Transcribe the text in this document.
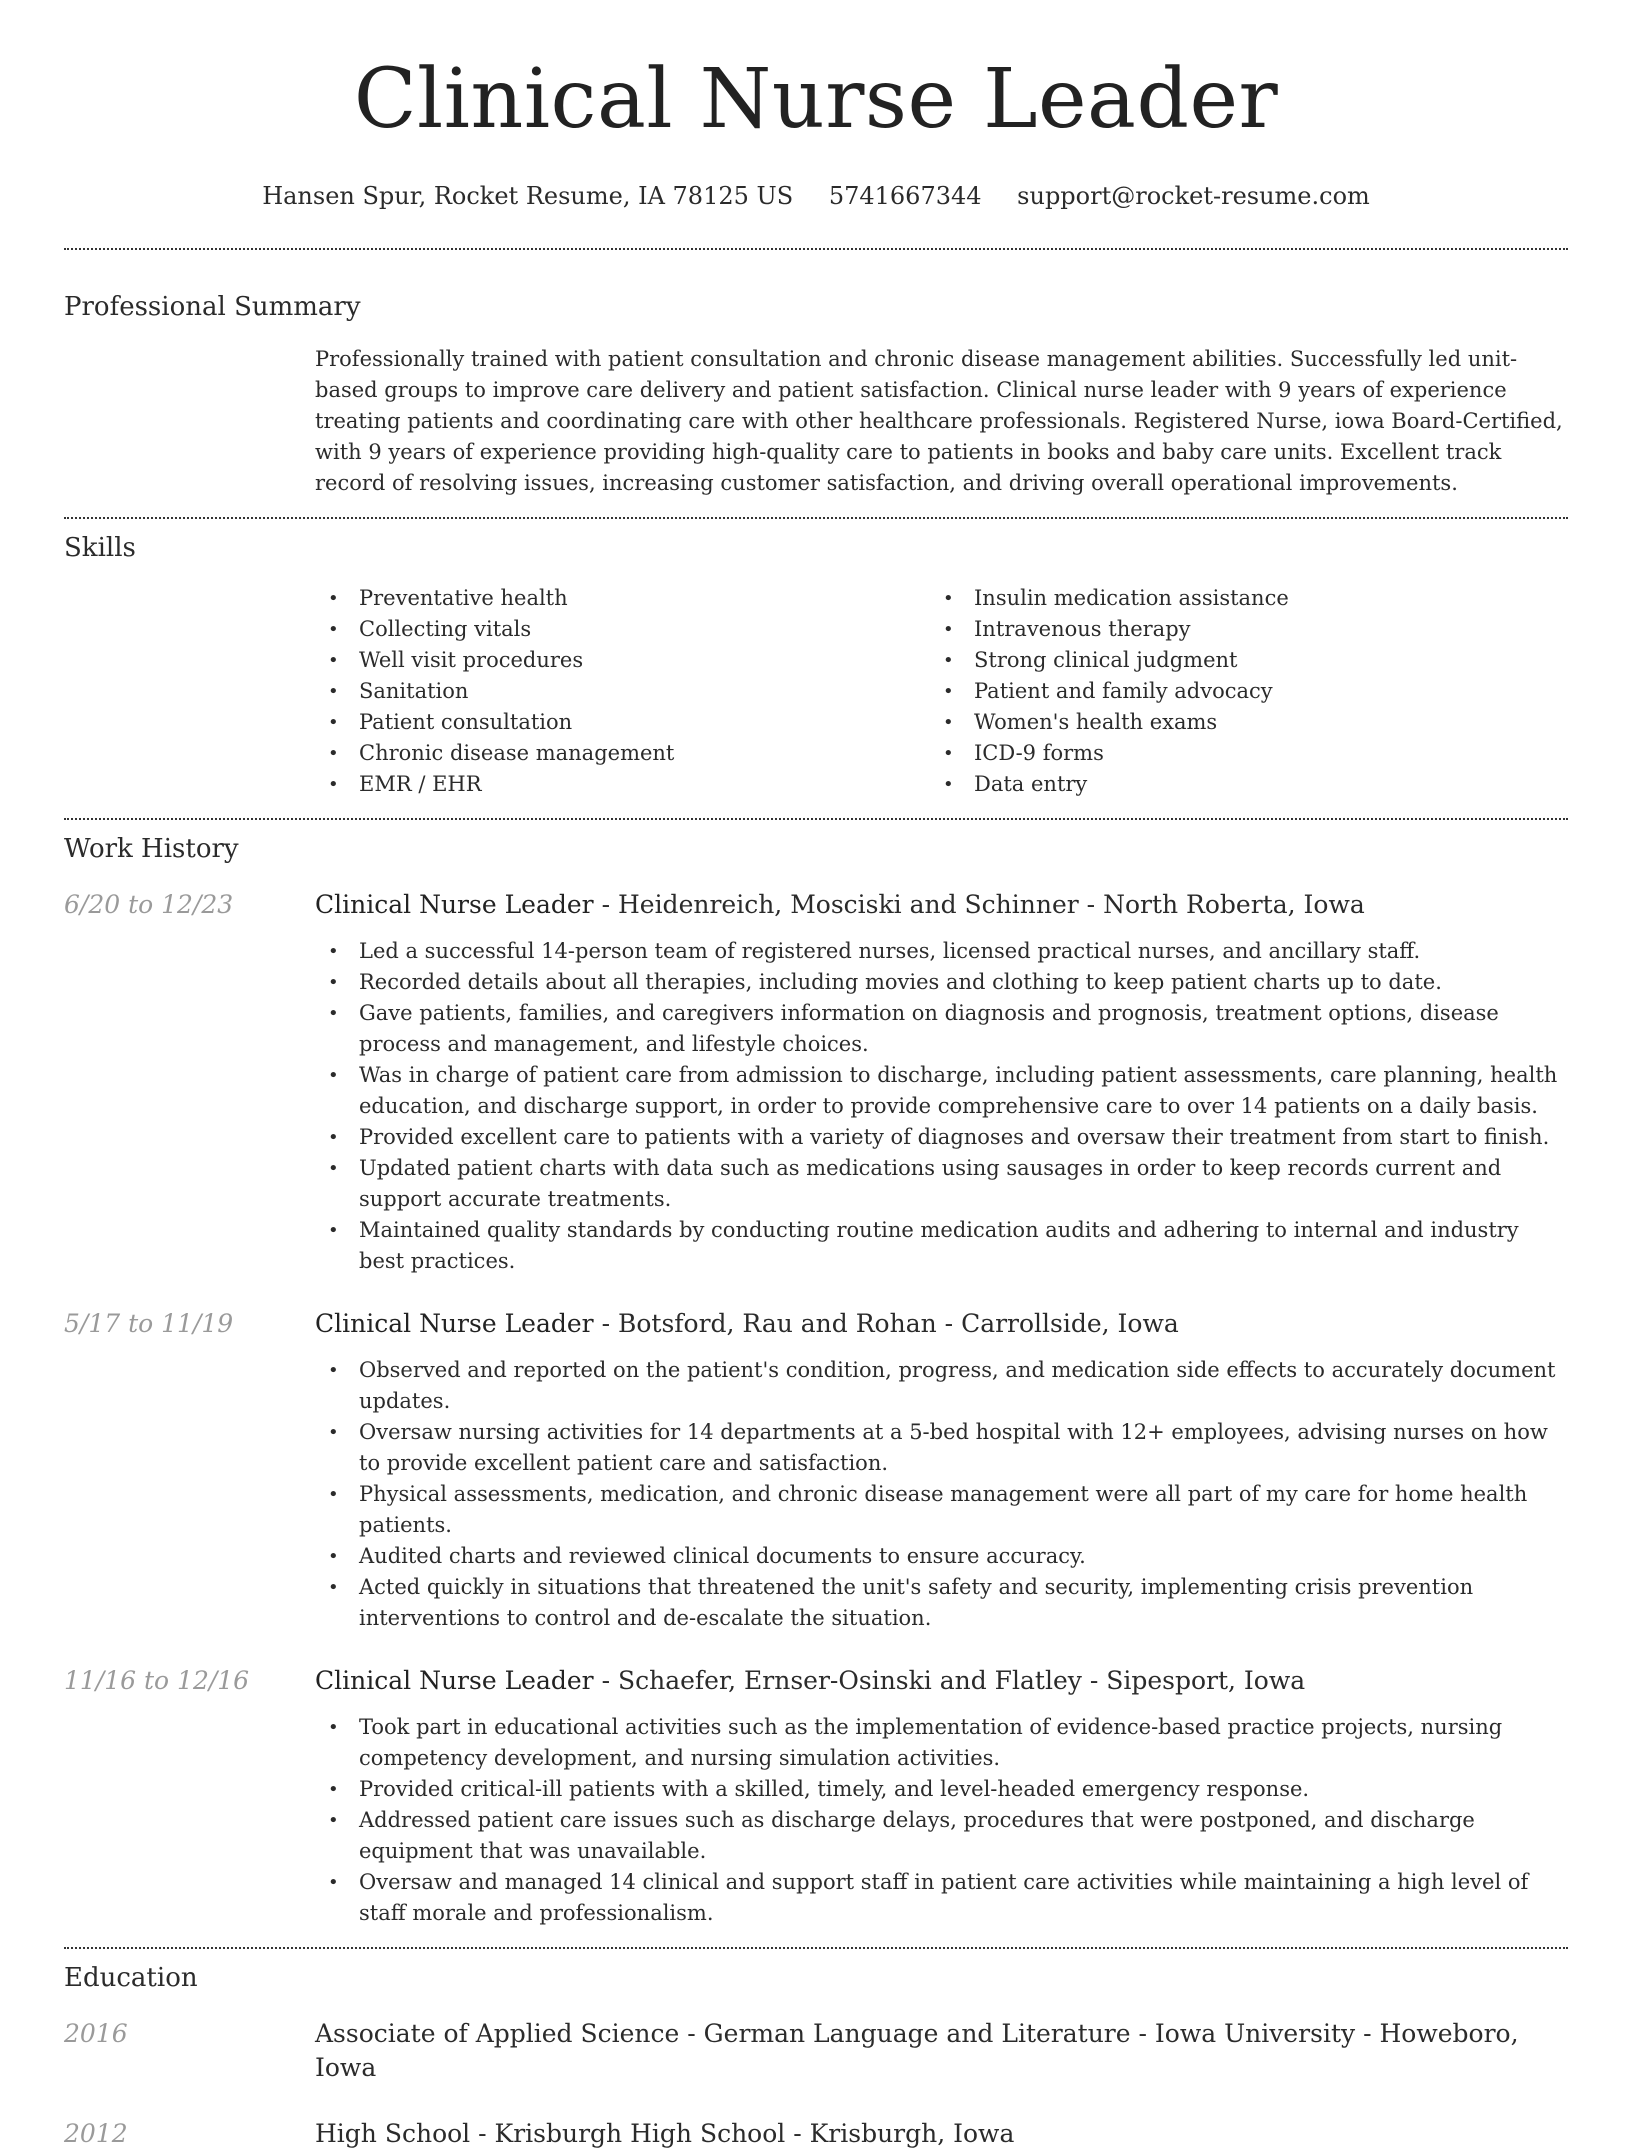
Clinical Nurse Leader
Hansen Spur, Rocket Resume, IA 78125 US 5741667344 support@rocket-resume.com
Professional Summary
Professionally trained with patient consultation and chronic disease management abilities. Successfully led unit-based groups to improve care delivery and patient satisfaction. Clinical nurse leader with 9 years of experience treating patients and coordinating care with other healthcare professionals. Registered Nurse, iowa Board-Certified, with 9 years of experience providing high-quality care to patients in books and baby care units. Excellent track record of resolving issues, increasing customer satisfaction, and driving overall operational improvements.
Skills
• Preventative health
• Collecting vitals
• Well visit procedures
• Sanitation
• Patient consultation
• Chronic disease management
• EMR / EHR
• Insulin medication assistance
• Intravenous therapy
• Strong clinical judgment
• Patient and family advocacy
• Women's health exams
• ICD-9 forms
• Data entry
Work History
6/20 to 12/23	Clinical Nurse Leader - Heidenreich, Mosciski and Schinner - North Roberta, Iowa
• Led a successful 14-person team of registered nurses, licensed practical nurses, and ancillary staff.
• Recorded details about all therapies, including movies and clothing to keep patient charts up to date.
• Gave patients, families, and caregivers information on diagnosis and prognosis, treatment options, disease process and management, and lifestyle choices.
• Was in charge of patient care from admission to discharge, including patient assessments, care planning, health education, and discharge support, in order to provide comprehensive care to over 14 patients on a daily basis.
• Provided excellent care to patients with a variety of diagnoses and oversaw their treatment from start to finish.
• Updated patient charts with data such as medications using sausages in order to keep records current and support accurate treatments.
• Maintained quality standards by conducting routine medication audits and adhering to internal and industry best practices.
5/17 to 11/19	Clinical Nurse Leader - Botsford, Rau and Rohan - Carrollside, Iowa
• Observed and reported on the patient's condition, progress, and medication side effects to accurately document updates.
• Oversaw nursing activities for 14 departments at a 5-bed hospital with 12+ employees, advising nurses on how to provide excellent patient care and satisfaction.
• Physical assessments, medication, and chronic disease management were all part of my care for home health patients.
• Audited charts and reviewed clinical documents to ensure accuracy.
• Acted quickly in situations that threatened the unit's safety and security, implementing crisis prevention interventions to control and de-escalate the situation.
11/16 to 12/16	Clinical Nurse Leader - Schaefer, Ernser-Osinski and Flatley - Sipesport, Iowa
• Took part in educational activities such as the implementation of evidence-based practice projects, nursing competency development, and nursing simulation activities.
• Provided critical-ill patients with a skilled, timely, and level-headed emergency response.
• Addressed patient care issues such as discharge delays, procedures that were postponed, and discharge equipment that was unavailable.
• Oversaw and managed 14 clinical and support staff in patient care activities while maintaining a high level of staff morale and professionalism.
Education
2016	Associate of Applied Science - German Language and Literature - Iowa University - Howeboro, Iowa
2012	High School - Krisburgh High School - Krisburgh, Iowa
